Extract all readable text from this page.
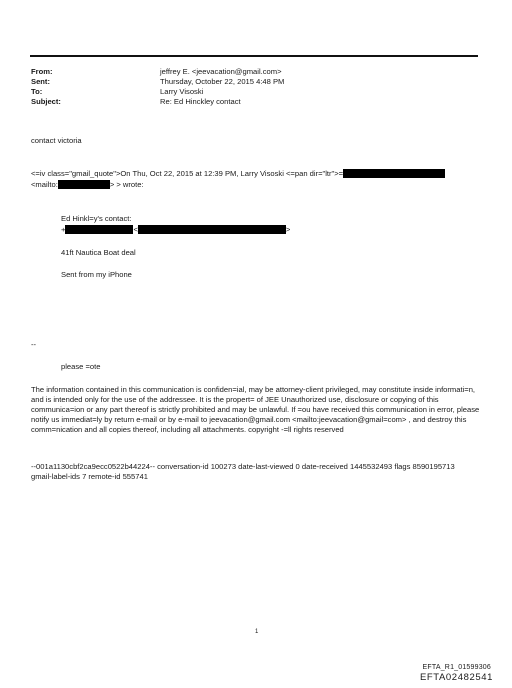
From:	jeffrey E. <jeevacation@gmail.com>
Sent:	Thursday, October 22, 2015 4:48 PM
To:	Larry Visoski
Subject:	Re: Ed Hinckley contact
contact victoria
<=iv class="gmail_quote">On Thu, Oct 22, 2015 at 12:39 PM, Larry Visoski <=pan dir="ltr">=
<mailto:	> > wrote:
Ed Hinkl=y's contact:
+	<	>
41ft Nautica Boat deal
Sent from my iPhone
--
please =ote
The information contained in this communication is confiden=ial, may be attorney-client privileged, may constitute inside informati=n, and is intended only for the use of the addressee. It is the propert= of JEE Unauthorized use, disclosure or copying of this communica=ion or any part thereof is strictly prohibited and may be unlawful. If =ou have received this communication in error, please notify us immediat=ly by return e-mail or by e-mail to jeevacation@gmail.com <mailto:jeevacation@gmail=com> , and destroy this comm=nication and all copies thereof, including all attachments. copyright -=ll rights reserved
--001a1130cbf2ca9ecc0522b44224-- conversation-id 100273 date-last-viewed 0 date-received 1445532493 flags 8590195713 gmail-label-ids 7 remote-id 555741
1
EFTA_R1_01599306
EFTA02482541
